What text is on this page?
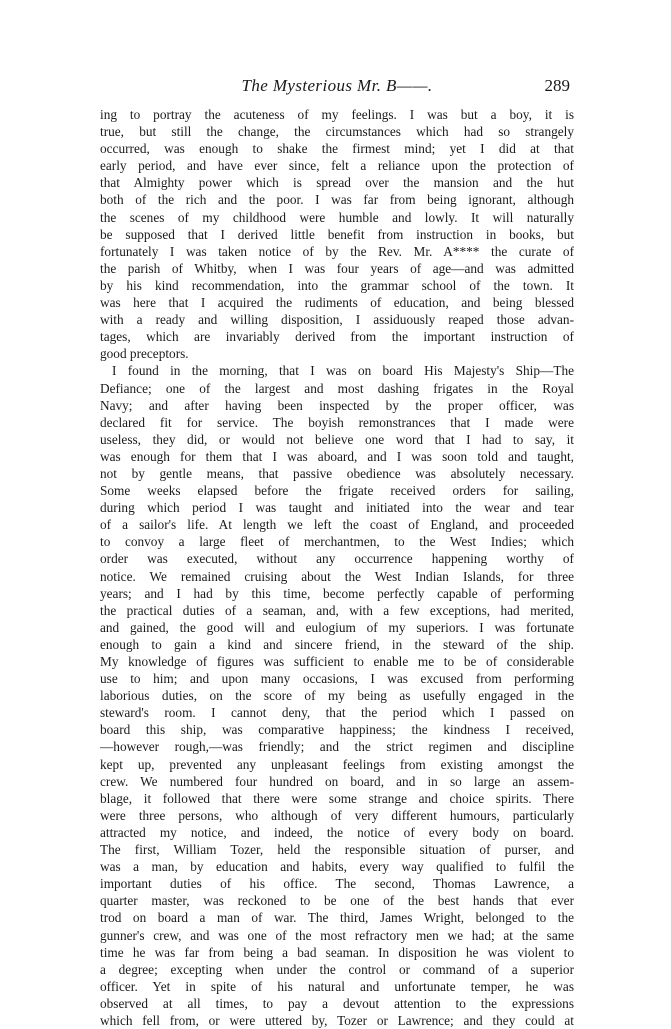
The Mysterious Mr. B——.	289
ing to portray the acuteness of my feelings. I was but a boy, it is
true, but still the change, the circumstances which had so strangely
occurred, was enough to shake the firmest mind; yet I did at that
early period, and have ever since, felt a reliance upon the protection of
that Almighty power which is spread over the mansion and the hut
both of the rich and the poor. I was far from being ignorant, although
the scenes of my childhood were humble and lowly. It will naturally
be supposed that I derived little benefit from instruction in books, but
fortunately I was taken notice of by the Rev. Mr. A**** the curate of
the parish of Whitby, when I was four years of age—and was admitted
by his kind recommendation, into the grammar school of the town. It
was here that I acquired the rudiments of education, and being blessed
with a ready and willing disposition, I assiduously reaped those advan-
tages, which are invariably derived from the important instruction of
good preceptors.
I found in the morning, that I was on board His Majesty's Ship—The
Defiance; one of the largest and most dashing frigates in the Royal
Navy; and after having been inspected by the proper officer, was
declared fit for service. The boyish remonstrances that I made were
useless, they did, or would not believe one word that I had to say, it
was enough for them that I was aboard, and I was soon told and taught,
not by gentle means, that passive obedience was absolutely necessary.
Some weeks elapsed before the frigate received orders for sailing,
during which period I was taught and initiated into the wear and tear
of a sailor's life. At length we left the coast of England, and proceeded
to convoy a large fleet of merchantmen, to the West Indies; which
order was executed, without any occurrence happening worthy of
notice. We remained cruising about the West Indian Islands, for three
years; and I had by this time, become perfectly capable of performing
the practical duties of a seaman, and, with a few exceptions, had merited,
and gained, the good will and eulogium of my superiors. I was fortunate
enough to gain a kind and sincere friend, in the steward of the ship.
My knowledge of figures was sufficient to enable me to be of considerable
use to him; and upon many occasions, I was excused from performing
laborious duties, on the score of my being as usefully engaged in the
steward's room. I cannot deny, that the period which I passed on
board this ship, was comparative happiness; the kindness I received,
—however rough,—was friendly; and the strict regimen and discipline
kept up, prevented any unpleasant feelings from existing amongst the
crew. We numbered four hundred on board, and in so large an assem-
blage, it followed that there were some strange and choice spirits. There
were three persons, who although of very different humours, particularly
attracted my notice, and indeed, the notice of every body on board.
The first, William Tozer, held the responsible situation of purser, and
was a man, by education and habits, every way qualified to fulfil the
important duties of his office. The second, Thomas Lawrence, a
quarter master, was reckoned to be one of the best hands that ever
trod on board a man of war. The third, James Wright, belonged to the
gunner's crew, and was one of the most refractory men we had; at the same
time he was far from being a bad seaman. In disposition he was violent to
a degree; excepting when under the control or command of a superior
officer. Yet in spite of his natural and unfortunate temper, he was
observed at all times, to pay a devout attention to the expressions
which fell from, or were uttered by, Tozer or Lawrence; and they could at
